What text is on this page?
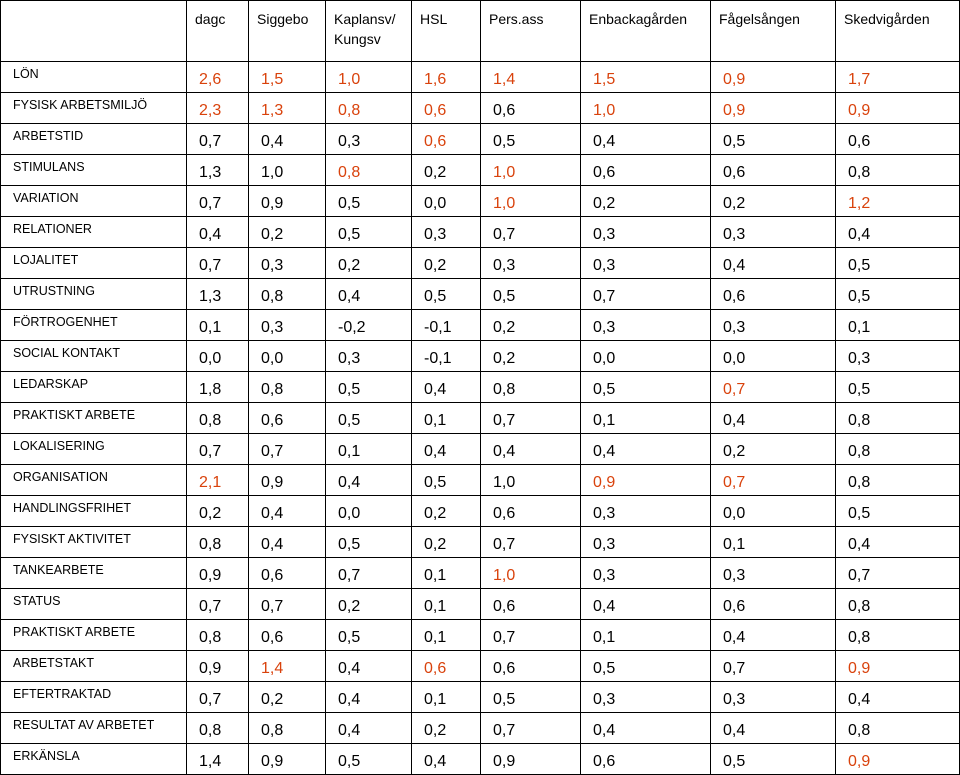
	dagc	Siggebo	Kaplansv/ Kungsv	HSL	Pers.ass	Enbackagården	Fågelsången	Skedvigården
LÖN	2,6	1,5	1,0	1,6	1,4	1,5	0,9	1,7
FYSISK ARBETSMILJÖ	2,3	1,3	0,8	0,6	0,6	1,0	0,9	0,9
ARBETSTID	0,7	0,4	0,3	0,6	0,5	0,4	0,5	0,6
STIMULANS	1,3	1,0	0,8	0,2	1,0	0,6	0,6	0,8
VARIATION	0,7	0,9	0,5	0,0	1,0	0,2	0,2	1,2
RELATIONER	0,4	0,2	0,5	0,3	0,7	0,3	0,3	0,4
LOJALITET	0,7	0,3	0,2	0,2	0,3	0,3	0,4	0,5
UTRUSTNING	1,3	0,8	0,4	0,5	0,5	0,7	0,6	0,5
FÖRTROGENHET	0,1	0,3	-0,2	-0,1	0,2	0,3	0,3	0,1
SOCIAL KONTAKT	0,0	0,0	0,3	-0,1	0,2	0,0	0,0	0,3
LEDARSKAP	1,8	0,8	0,5	0,4	0,8	0,5	0,7	0,5
PRAKTISKT ARBETE	0,8	0,6	0,5	0,1	0,7	0,1	0,4	0,8
LOKALISERING	0,7	0,7	0,1	0,4	0,4	0,4	0,2	0,8
ORGANISATION	2,1	0,9	0,4	0,5	1,0	0,9	0,7	0,8
HANDLINGSFRIHET	0,2	0,4	0,0	0,2	0,6	0,3	0,0	0,5
FYSISKT AKTIVITET	0,8	0,4	0,5	0,2	0,7	0,3	0,1	0,4
TANKEARBETE	0,9	0,6	0,7	0,1	1,0	0,3	0,3	0,7
STATUS	0,7	0,7	0,2	0,1	0,6	0,4	0,6	0,8
PRAKTISKT ARBETE	0,8	0,6	0,5	0,1	0,7	0,1	0,4	0,8
ARBETSTAKT	0,9	1,4	0,4	0,6	0,6	0,5	0,7	0,9
EFTERTRAKTAD	0,7	0,2	0,4	0,1	0,5	0,3	0,3	0,4
RESULTAT AV ARBETET	0,8	0,8	0,4	0,2	0,7	0,4	0,4	0,8
ERKÄNSLA	1,4	0,9	0,5	0,4	0,9	0,6	0,5	0,9
